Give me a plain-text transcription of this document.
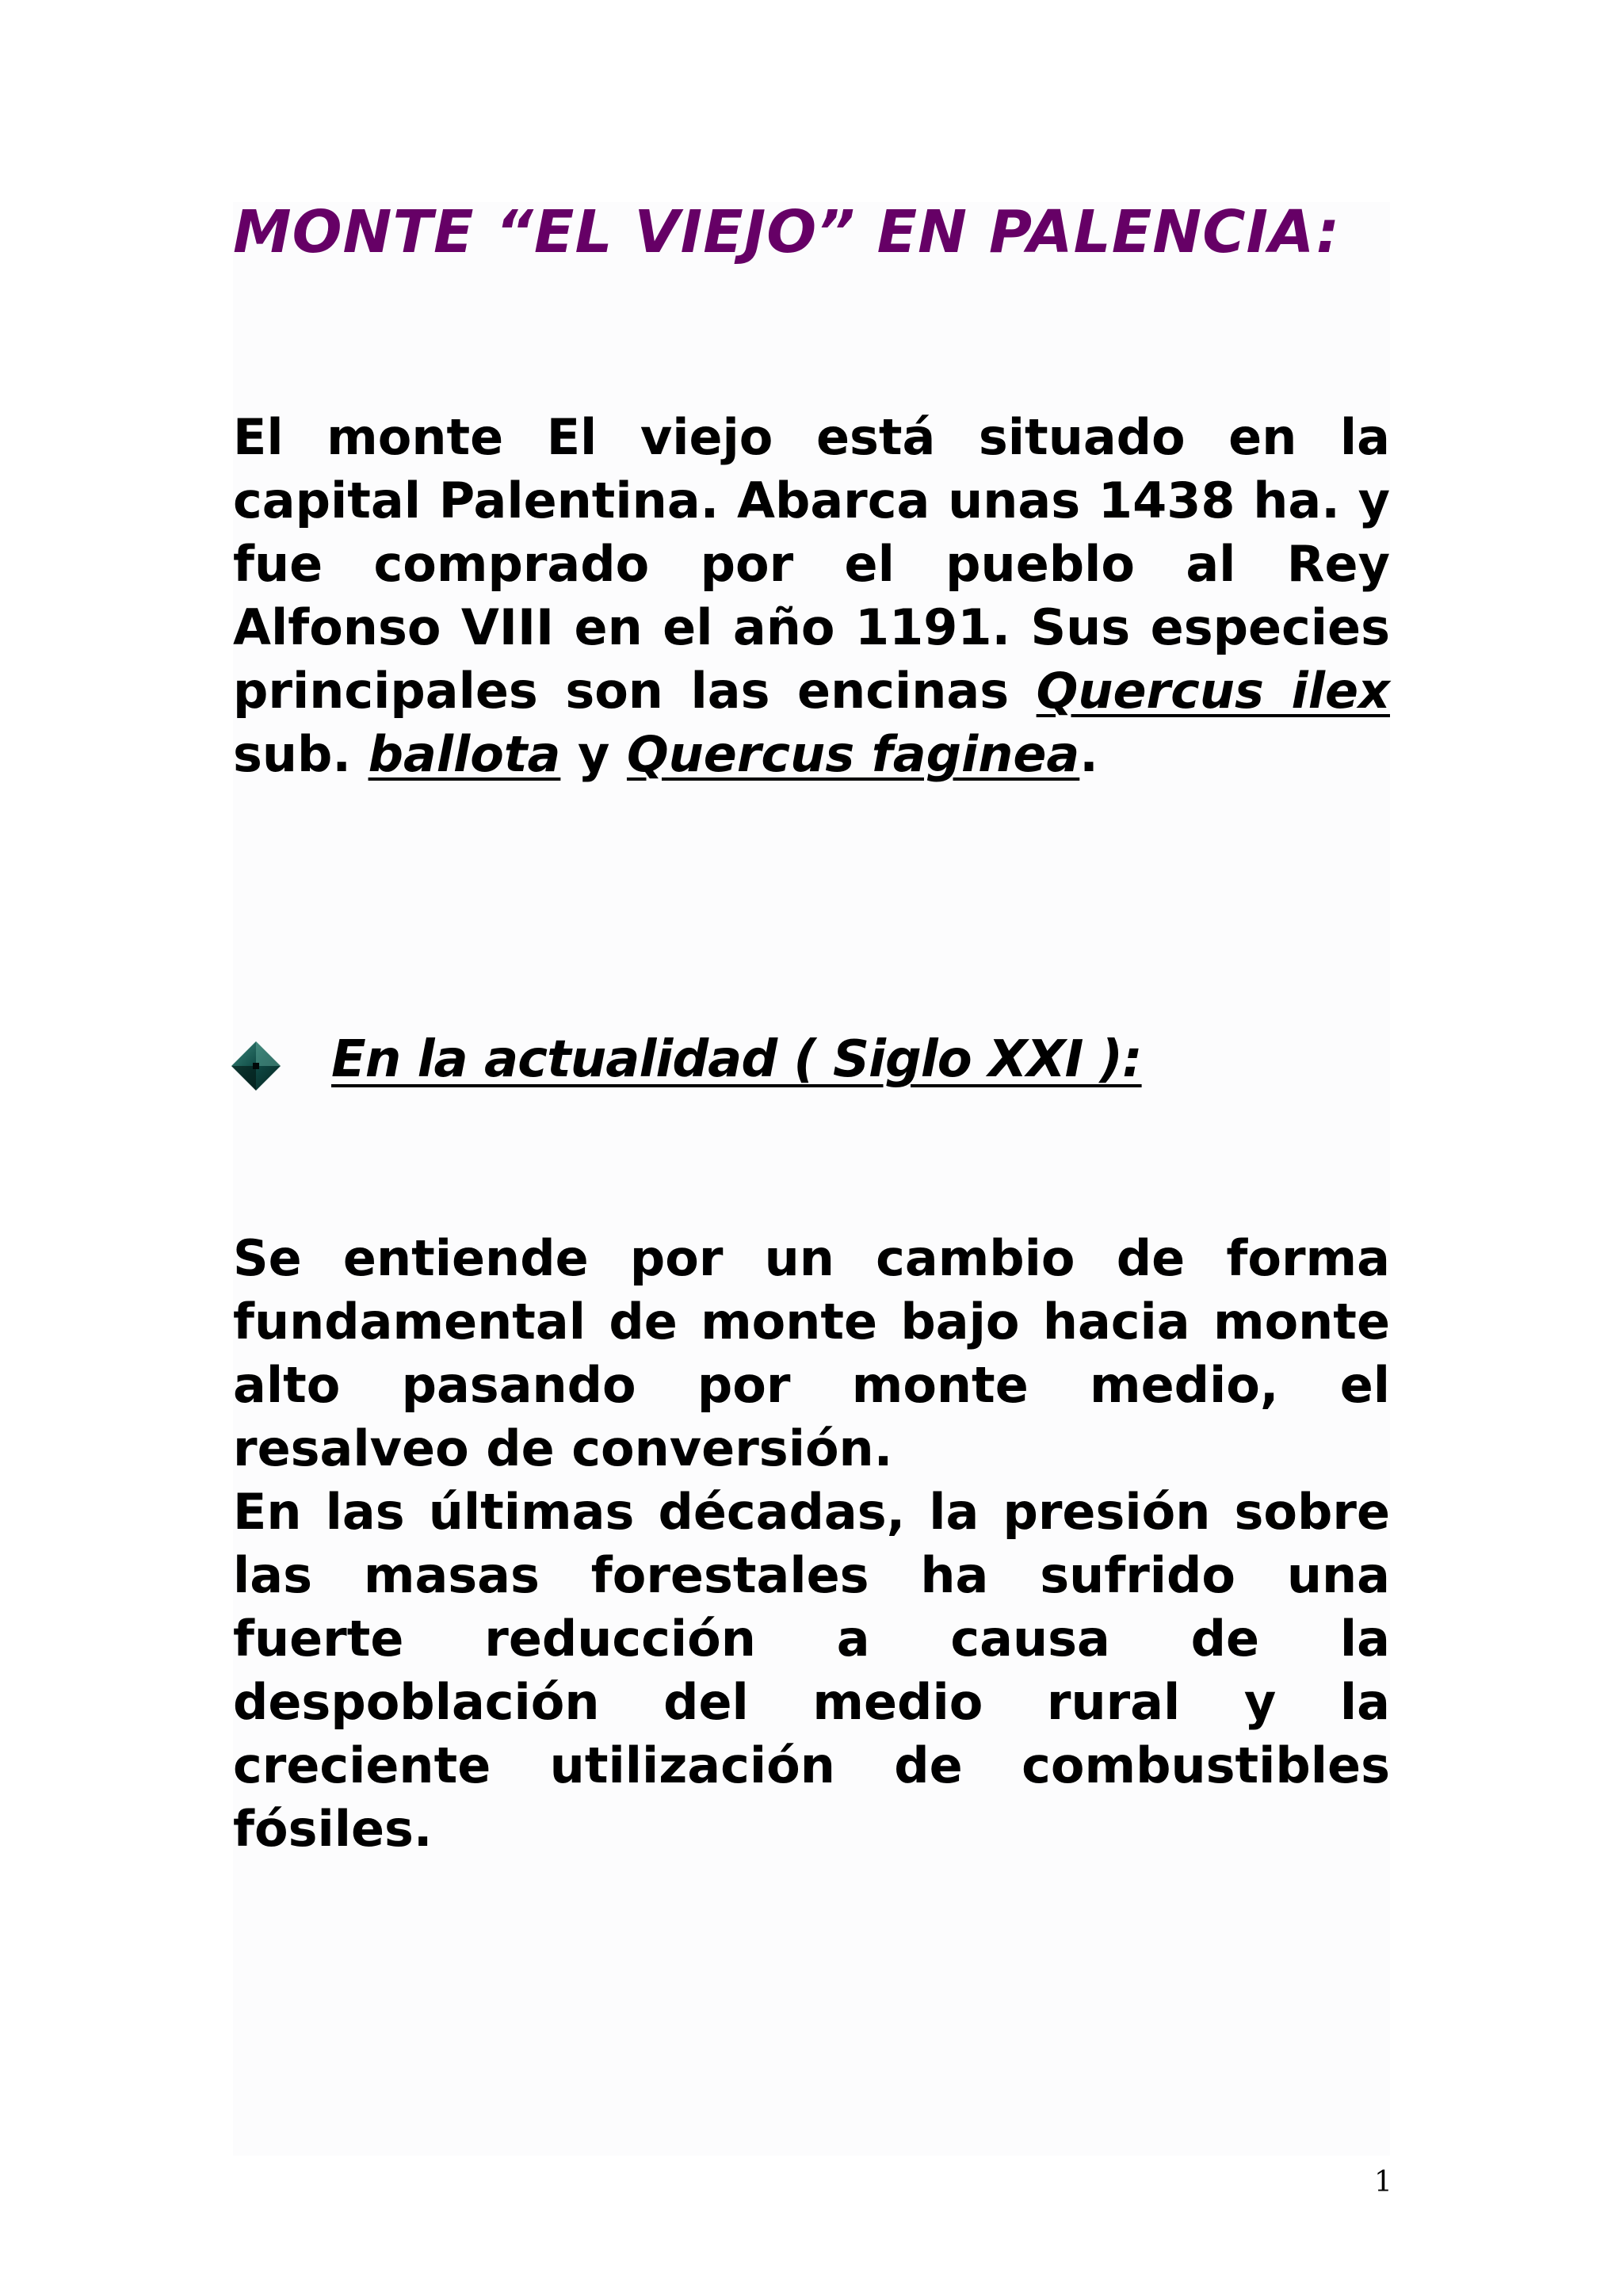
MONTE “EL VIEJO” EN PALENCIA:

El monte El viejo está situado en la capital Palentina. Abarca unas 1438 ha. y fue comprado por el pueblo al Rey Alfonso VIII en el año 1191. Sus especies principales son las encinas Quercus ilex sub. ballota y Quercus faginea.

En la actualidad ( Siglo XXI ):

Se entiende por un cambio de forma fundamental de monte bajo hacia monte alto pasando por monte medio, el resalveo de conversión.

En las últimas décadas, la presión sobre las masas forestales ha sufrido una fuerte reducción a causa de la despoblación del medio rural y la creciente utilización de combustibles fósiles.

1
